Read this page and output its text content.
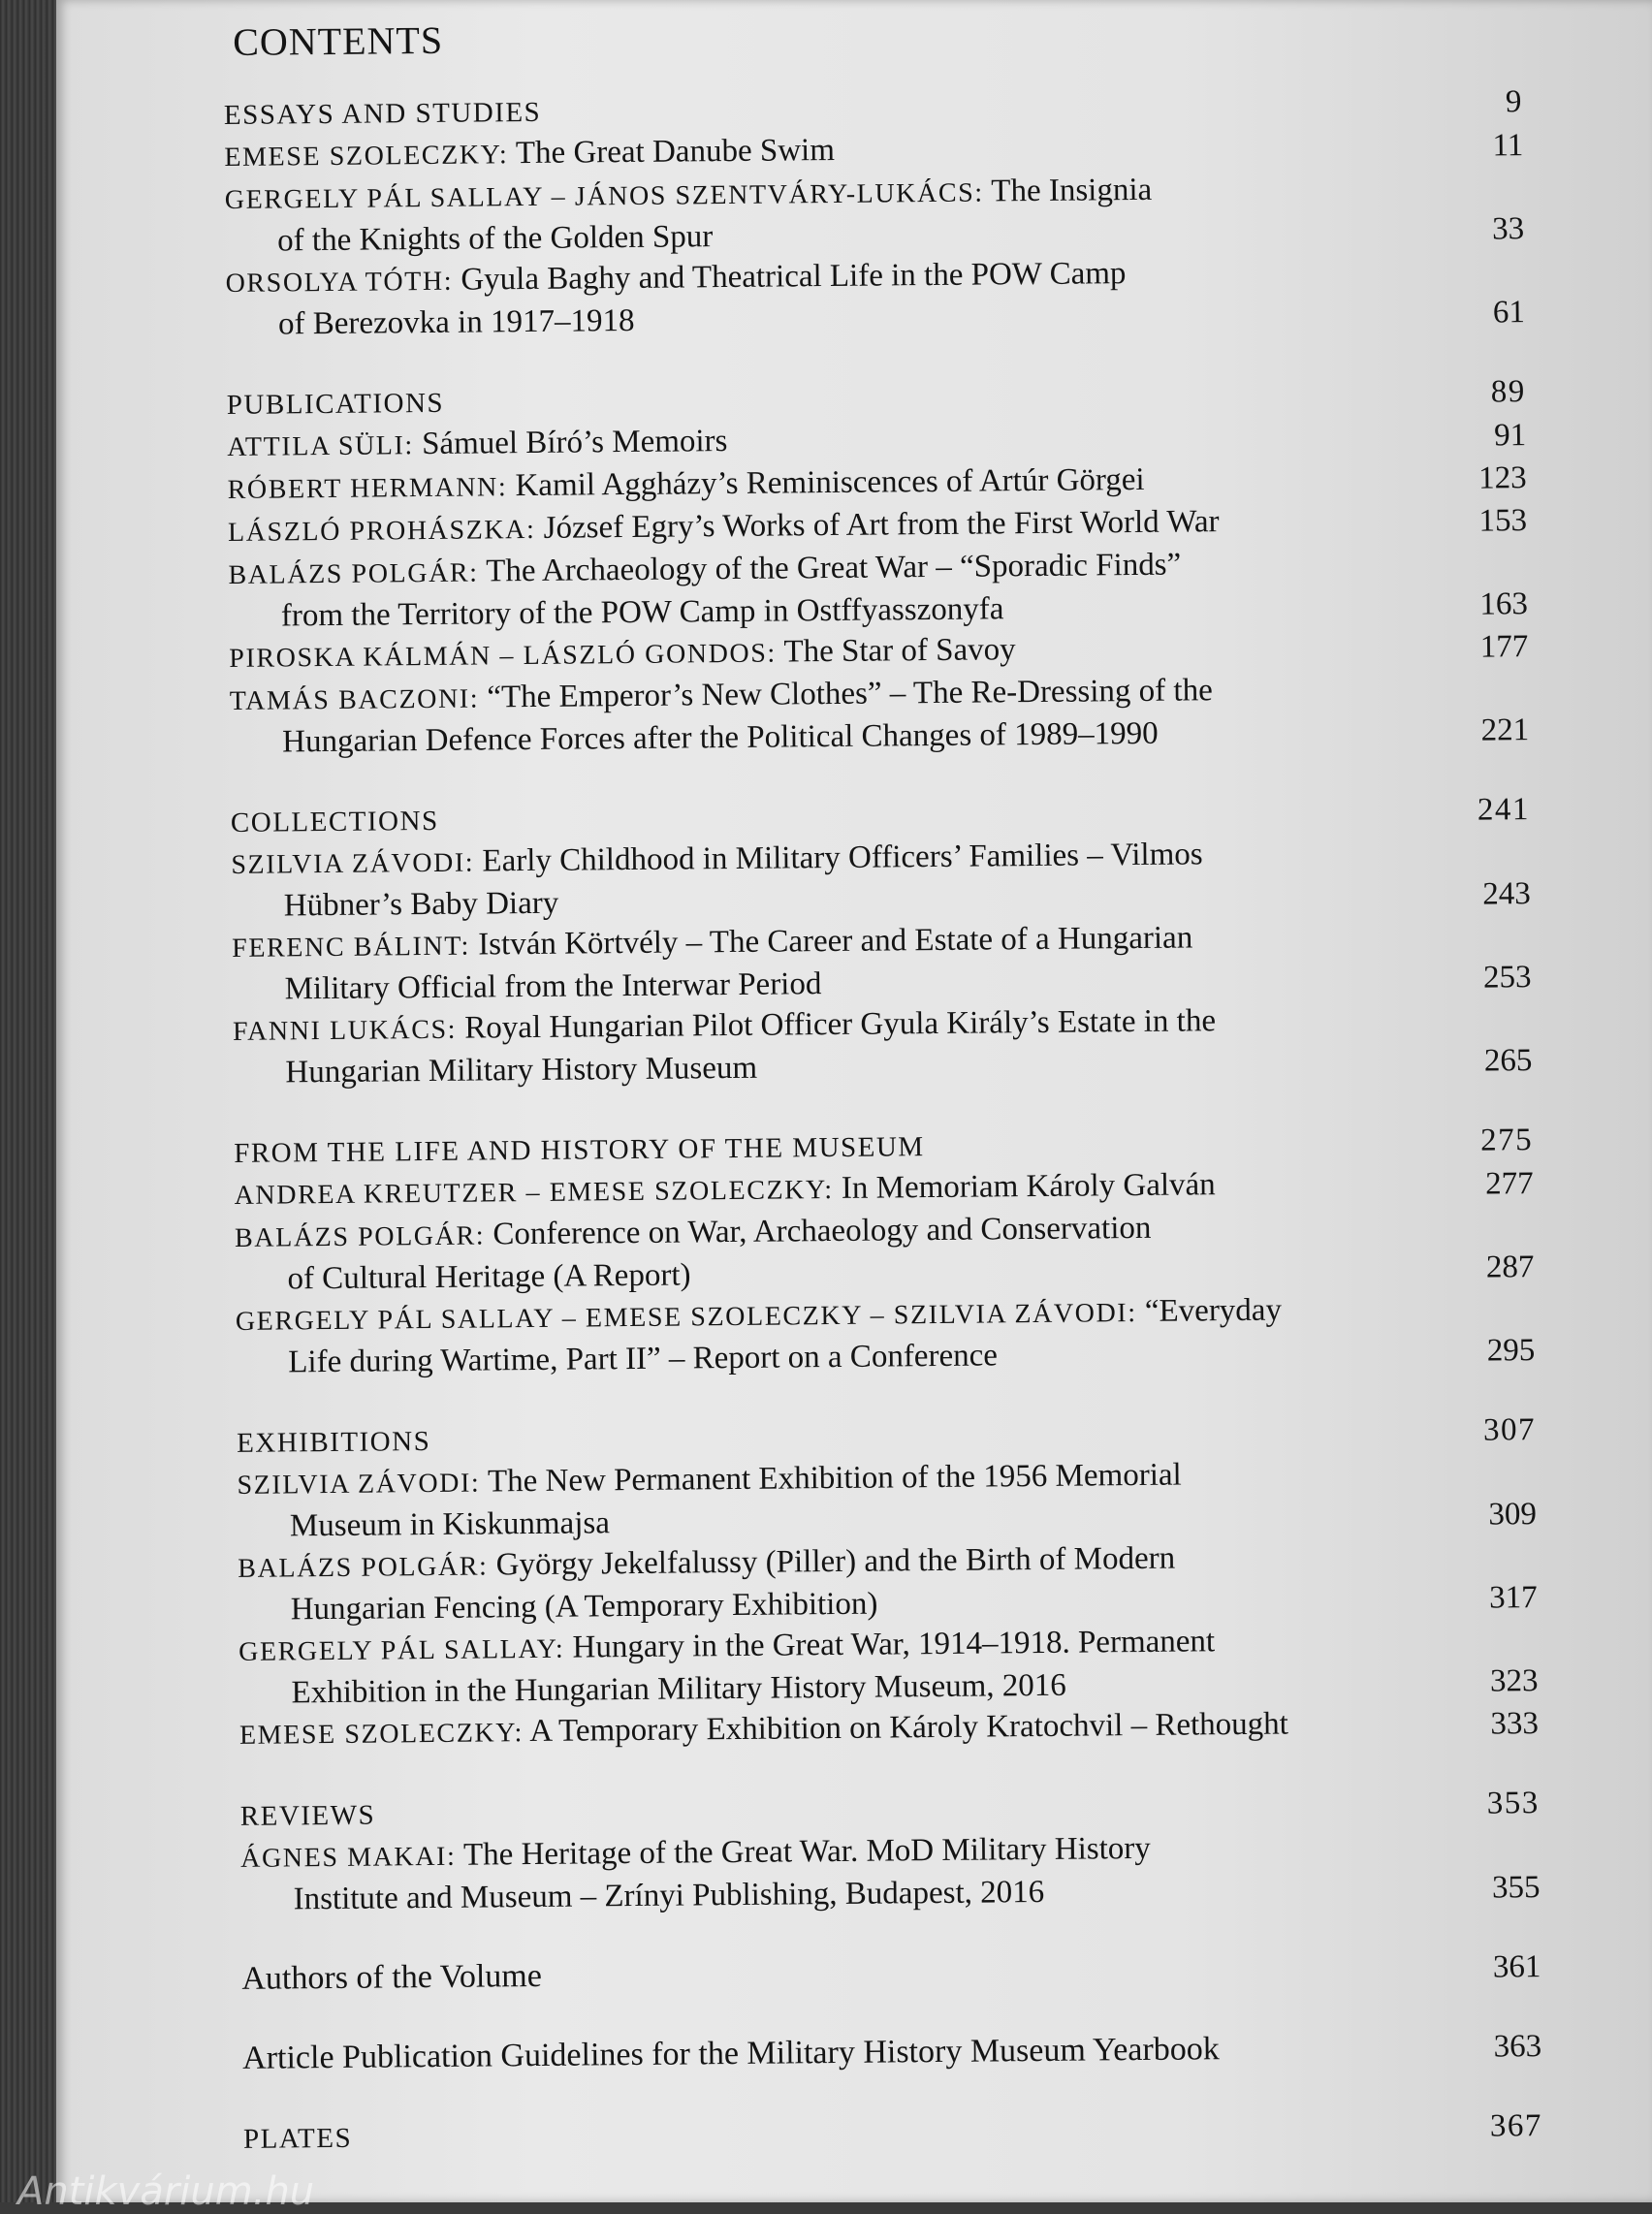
Antikvárium.hu
CONTENTS
ESSAYS AND STUDIES	9
EMESE SZOLECZKY: The Great Danube Swim	11
GERGELY PÁL SALLAY – JÁNOS SZENTVÁRY-LUKÁCS: The Insignia
of the Knights of the Golden Spur	33
ORSOLYA TÓTH: Gyula Baghy and Theatrical Life in the POW Camp
of Berezovka in 1917–1918	61
PUBLICATIONS	89
ATTILA SÜLI: Sámuel Bíró’s Memoirs	91
RÓBERT HERMANN: Kamil Aggházy’s Reminiscences of Artúr Görgei	123
LÁSZLÓ PROHÁSZKA: József Egry’s Works of Art from the First World War	153
BALÁZS POLGÁR: The Archaeology of the Great War – “Sporadic Finds”
from the Territory of the POW Camp in Ostffyasszonyfa	163
PIROSKA KÁLMÁN – LÁSZLÓ GONDOS: The Star of Savoy	177
TAMÁS BACZONI: “The Emperor’s New Clothes” – The Re-Dressing of the
Hungarian Defence Forces after the Political Changes of 1989–1990	221
COLLECTIONS	241
SZILVIA ZÁVODI: Early Childhood in Military Officers’ Families – Vilmos
Hübner’s Baby Diary	243
FERENC BÁLINT: István Körtvély – The Career and Estate of a Hungarian
Military Official from the Interwar Period	253
FANNI LUKÁCS: Royal Hungarian Pilot Officer Gyula Király’s Estate in the
Hungarian Military History Museum	265
FROM THE LIFE AND HISTORY OF THE MUSEUM	275
ANDREA KREUTZER – EMESE SZOLECZKY: In Memoriam Károly Galván	277
BALÁZS POLGÁR: Conference on War, Archaeology and Conservation
of Cultural Heritage (A Report)	287
GERGELY PÁL SALLAY – EMESE SZOLECZKY – SZILVIA ZÁVODI: “Everyday
Life during Wartime, Part II” – Report on a Conference	295
EXHIBITIONS	307
SZILVIA ZÁVODI: The New Permanent Exhibition of the 1956 Memorial
Museum in Kiskunmajsa	309
BALÁZS POLGÁR: György Jekelfalussy (Piller) and the Birth of Modern
Hungarian Fencing (A Temporary Exhibition)	317
GERGELY PÁL SALLAY: Hungary in the Great War, 1914–1918. Permanent
Exhibition in the Hungarian Military History Museum, 2016	323
EMESE SZOLECZKY: A Temporary Exhibition on Károly Kratochvil – Rethought	333
REVIEWS	353
ÁGNES MAKAI: The Heritage of the Great War. MoD Military History
Institute and Museum – Zrínyi Publishing, Budapest, 2016	355
Authors of the Volume	361
Article Publication Guidelines for the Military History Museum Yearbook	363
PLATES	367
